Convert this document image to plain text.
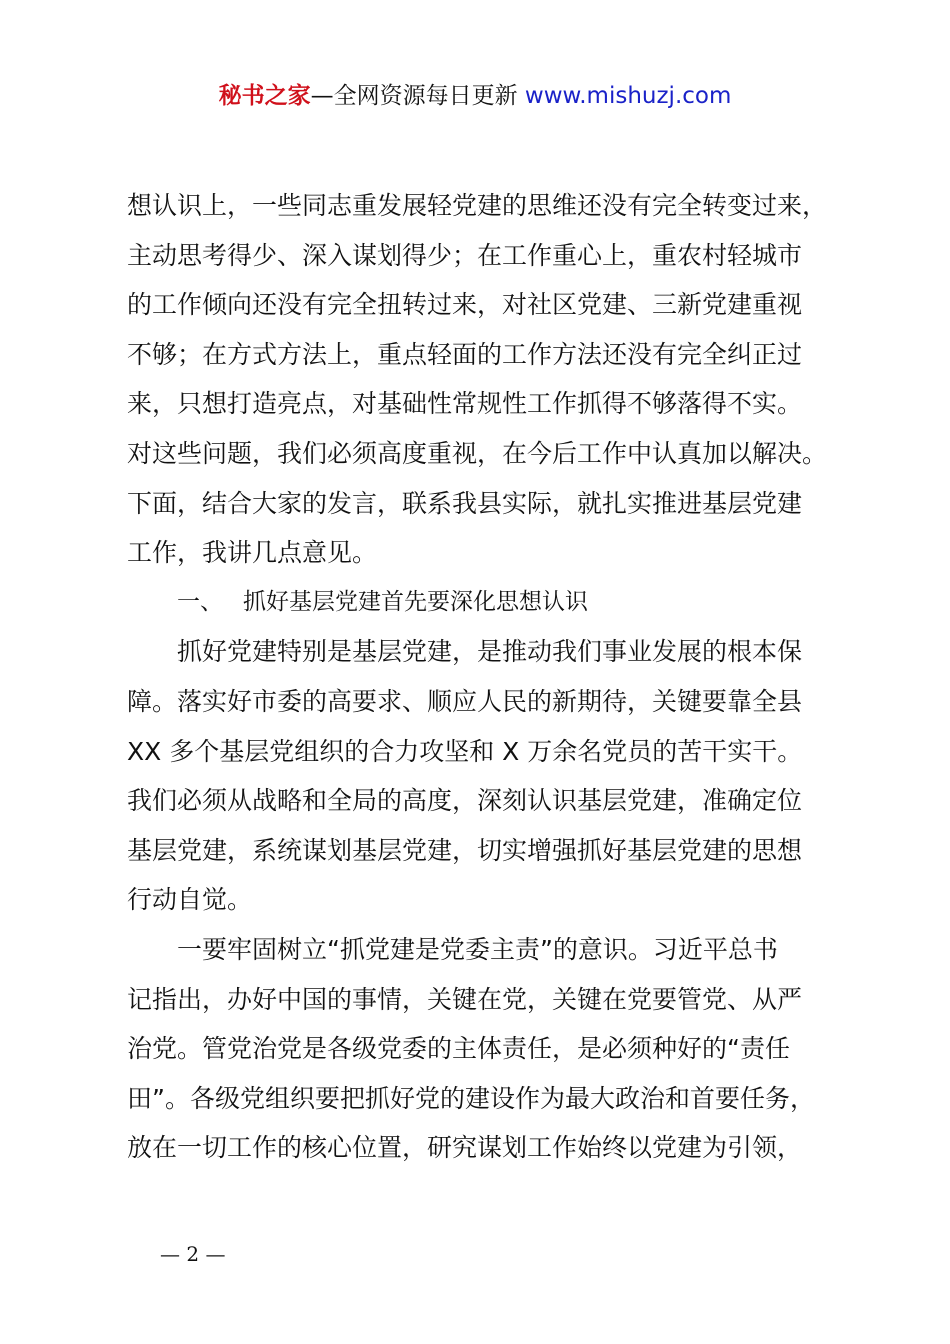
秘书之家—全网资源每日更新 www.mishuzj.com
想认识上，一些同志重发展轻党建的思维还没有完全转变过来，
主动思考得少、深入谋划得少；在工作重心上，重农村轻城市
的工作倾向还没有完全扭转过来，对社区党建、三新党建重视
不够；在方式方法上，重点轻面的工作方法还没有完全纠正过
来，只想打造亮点，对基础性常规性工作抓得不够落得不实。
对这些问题，我们必须高度重视，在今后工作中认真加以解决。
下面，结合大家的发言，联系我县实际，就扎实推进基层党建
工作，我讲几点意见。
一、 抓好基层党建首先要深化思想认识
抓好党建特别是基层党建，是推动我们事业发展的根本保
障。落实好市委的高要求、顺应人民的新期待，关键要靠全县
XX 多个基层党组织的合力攻坚和 X 万余名党员的苦干实干。
我们必须从战略和全局的高度，深刻认识基层党建，准确定位
基层党建，系统谋划基层党建，切实增强抓好基层党建的思想
行动自觉。
一要牢固树立“抓党建是党委主责”的意识。习近平总书
记指出，办好中国的事情，关键在党，关键在党要管党、从严
治党。管党治党是各级党委的主体责任，是必须种好的“责任
田”。各级党组织要把抓好党的建设作为最大政治和首要任务，
放在一切工作的核心位置，研究谋划工作始终以党建为引领，
— 2 —
